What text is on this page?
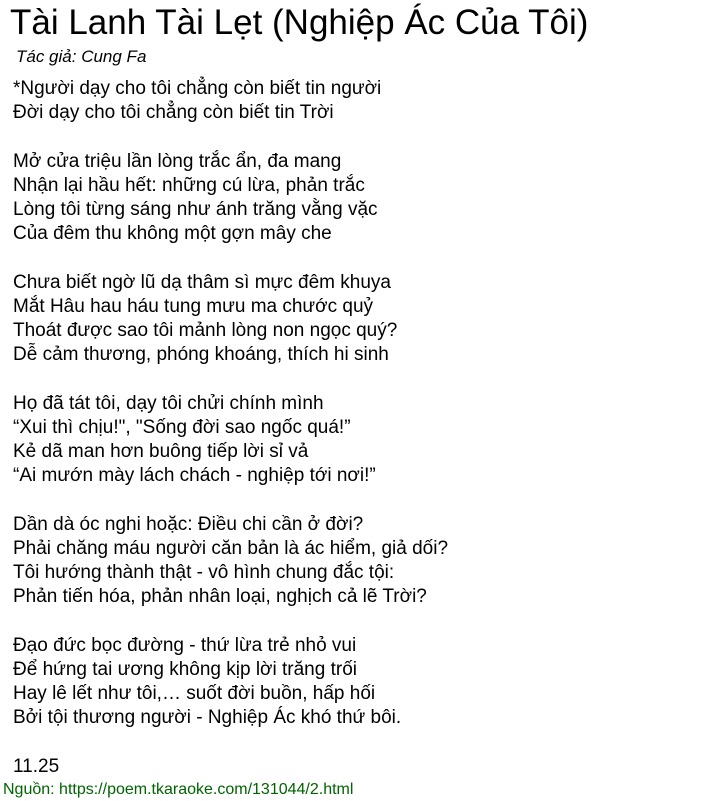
Tài Lanh Tài Lẹt (Nghiệp Ác Của Tôi)
Tác giả: Cung Fa
*Người dạy cho tôi chẳng còn biết tin người
Đời dạy cho tôi chẳng còn biết tin Trời
Mở cửa triệu lần lòng trắc ẩn, đa mang
Nhận lại hầu hết: những cú lừa, phản trắc
Lòng tôi từng sáng như ánh trăng vằng vặc
Của đêm thu không một gợn mây che
Chưa biết ngờ lũ dạ thâm sì mực đêm khuya
Mắt Hâu hau háu tung mưu ma chước quỷ
Thoát được sao tôi mảnh lòng non ngọc quý?
Dễ cảm thương, phóng khoáng, thích hi sinh
Họ đã tát tôi, dạy tôi chửi chính mình
“Xui thì chịu!", "Sống đời sao ngốc quá!”
Kẻ dã man hơn buông tiếp lời sỉ vả
“Ai mướn mày lách chách - nghiệp tới nơi!”
Dần dà óc nghi hoặc: Điều chi cần ở đời?
Phải chăng máu người căn bản là ác hiểm, giả dối?
Tôi hướng thành thật - vô hình chung đắc tội:
Phản tiến hóa, phản nhân loại, nghịch cả lẽ Trời?
Đạo đức bọc đường - thứ lừa trẻ nhỏ vui
Để hứng tai ương không kịp lời trăng trối
Hay lê lết như tôi,… suốt đời buồn, hấp hối
Bởi tội thương người - Nghiệp Ác khó thứ bôi.
11.25
Nguồn: https://poem.tkaraoke.com/131044/2.html
